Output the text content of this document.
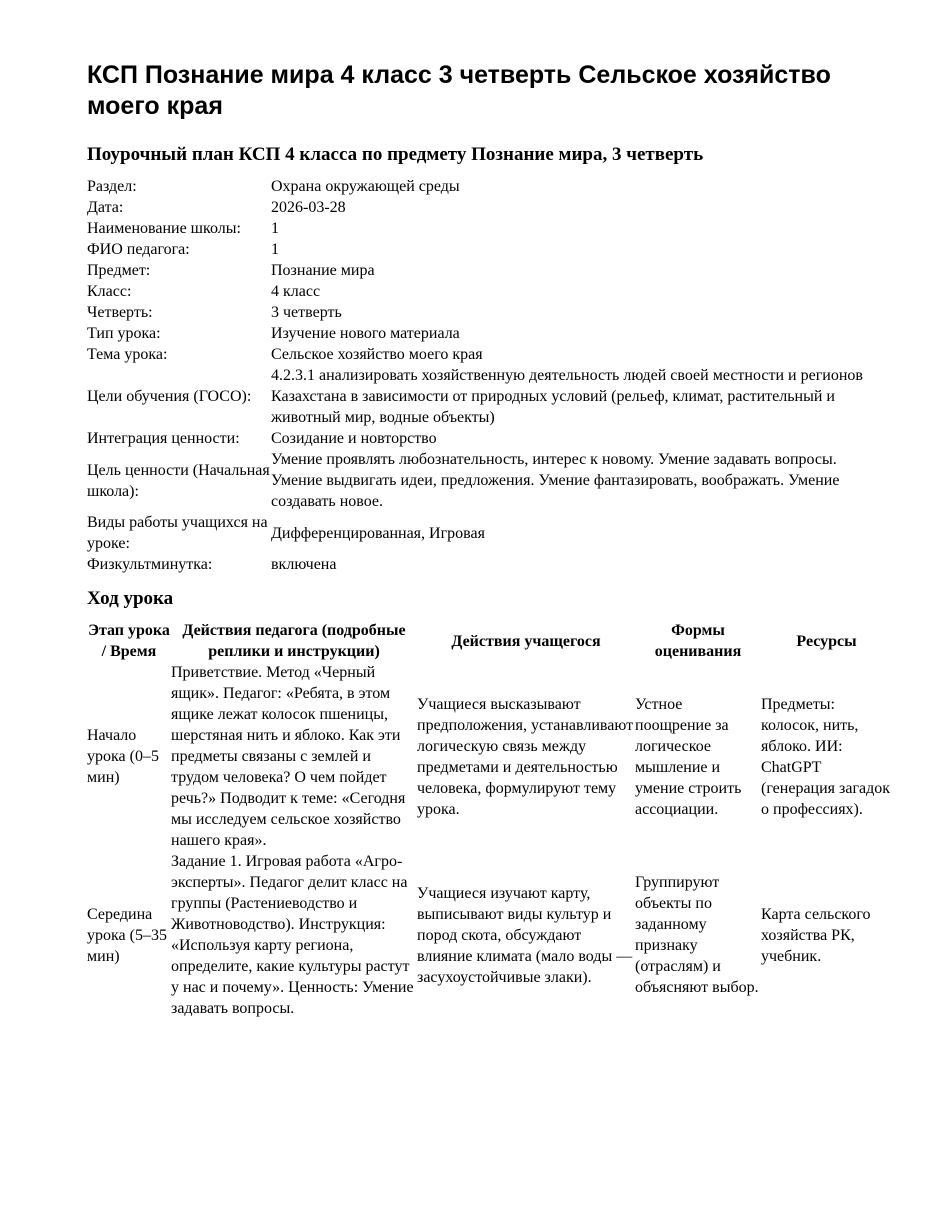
КСП Познание мира 4 класс 3 четверть Сельское хозяйство моего края
Поурочный план КСП 4 класса по предмету Познание мира, 3 четверть
Раздел:	Охрана окружающей среды
Дата:	2026-03-28
Наименование школы:	1
ФИО педагога:	1
Предмет:	Познание мира
Класс:	4 класс
Четверть:	3 четверть
Тип урока:	Изучение нового материала
Тема урока:	Сельское хозяйство моего края
Цели обучения (ГОСО):	4.2.3.1 анализировать хозяйственную деятельность людей своей местности и регионов Казахстана в зависимости от природных условий (рельеф, климат, растительный и животный мир, водные объекты)
Интеграция ценности:	Созидание и новторство
Цель ценности (Начальная школа):	Умение проявлять любознательность, интерес к новому. Умение задавать вопросы. Умение выдвигать идеи, предложения. Умение фантазировать, воображать. Умение создавать новое.
Виды работы учащихся на уроке:	Дифференцированная, Игровая
Физкультминутка:	включена
Ход урока
Этап урока / Время	Действия педагога (подробные реплики и инструкции)	Действия учащегося	Формы оценивания	Ресурсы
Начало урока (0–5 мин)	Приветствие. Метод «Черный ящик». Педагог: «Ребята, в этом ящике лежат колосок пшеницы, шерстяная нить и яблоко. Как эти предметы связаны с землей и трудом человека? О чем пойдет речь?» Подводит к теме: «Сегодня мы исследуем сельское хозяйство нашего края».	Учащиеся высказывают предположения, устанавливают логическую связь между предметами и деятельностью человека, формулируют тему урока.	Устное поощрение за логическое мышление и умение строить ассоциации.	Предметы: колосок, нить, яблоко. ИИ: ChatGPT (генерация загадок о профессиях).
Середина урока (5–35 мин)	Задание 1. Игровая работа «Агро-эксперты». Педагог делит класс на группы (Растениеводство и Животноводство). Инструкция: «Используя карту региона, определите, какие культуры растут у нас и почему». Ценность: Умение задавать вопросы.	Учащиеся изучают карту, выписывают виды культур и пород скота, обсуждают влияние климата (мало воды — засухоустойчивые злаки).	Группируют объекты по заданному признаку (отраслям) и объясняют выбор.	Карта сельского хозяйства РК, учебник.
